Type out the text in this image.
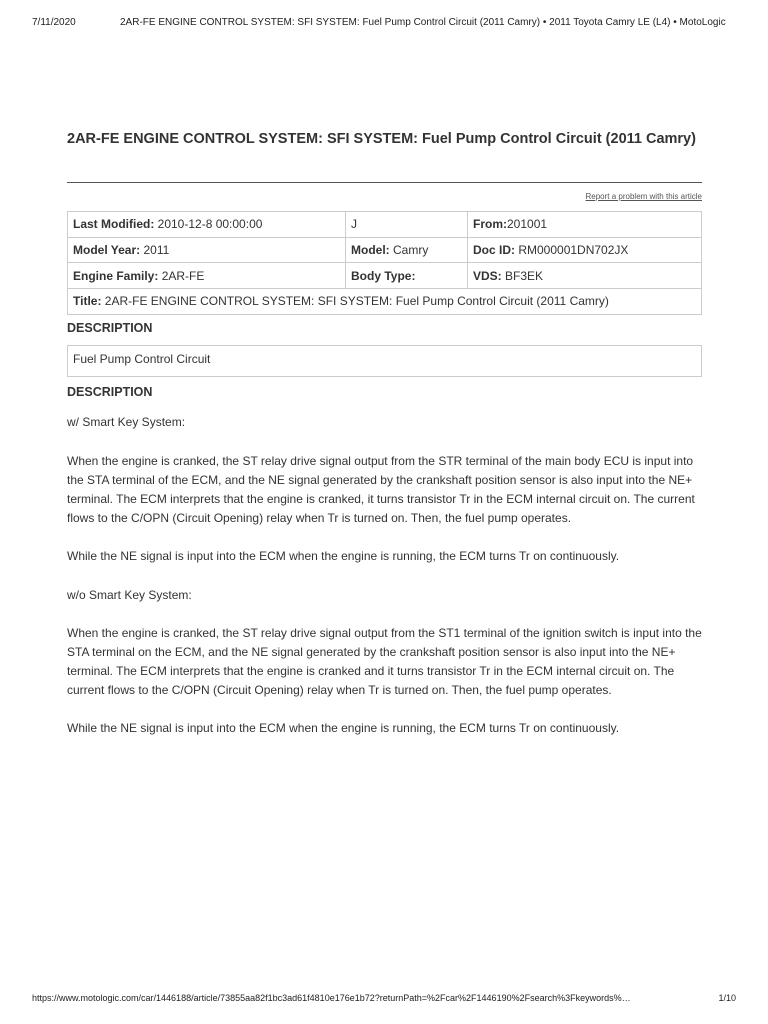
7/11/2020	2AR-FE ENGINE CONTROL SYSTEM: SFI SYSTEM: Fuel Pump Control Circuit (2011 Camry) • 2011 Toyota Camry LE (L4) • MotoLogic
2AR-FE ENGINE CONTROL SYSTEM: SFI SYSTEM: Fuel Pump Control Circuit (2011 Camry)
Report a problem with this article
Last Modified: 2010-12-8 00:00:00	J	From:201001
Model Year: 2011	Model: Camry	Doc ID: RM000001DN702JX
Engine Family: 2AR-FE	Body Type:	VDS: BF3EK
Title: 2AR-FE ENGINE CONTROL SYSTEM: SFI SYSTEM: Fuel Pump Control Circuit (2011 Camry)		
DESCRIPTION
Fuel Pump Control Circuit
DESCRIPTION

w/ Smart Key System:

When the engine is cranked, the ST relay drive signal output from the STR terminal of the main body ECU is input into the STA terminal of the ECM, and the NE signal generated by the crankshaft position sensor is also input into the NE+ terminal. The ECM interprets that the engine is cranked, it turns transistor Tr in the ECM internal circuit on. The current flows to the C/OPN (Circuit Opening) relay when Tr is turned on. Then, the fuel pump operates.

While the NE signal is input into the ECM when the engine is running, the ECM turns Tr on continuously.

w/o Smart Key System:

When the engine is cranked, the ST relay drive signal output from the ST1 terminal of the ignition switch is input into the STA terminal on the ECM, and the NE signal generated by the crankshaft position sensor is also input into the NE+ terminal. The ECM interprets that the engine is cranked and it turns transistor Tr in the ECM internal circuit on. The current flows to the C/OPN (Circuit Opening) relay when Tr is turned on. Then, the fuel pump operates.

While the NE signal is input into the ECM when the engine is running, the ECM turns Tr on continuously.

https://www.motologic.com/car/1446188/article/73855aa82f1bc3ad61f4810e176e1b72?returnPath=%2Fcar%2F1446190%2Fsearch%3Fkeywords%…	1/10
